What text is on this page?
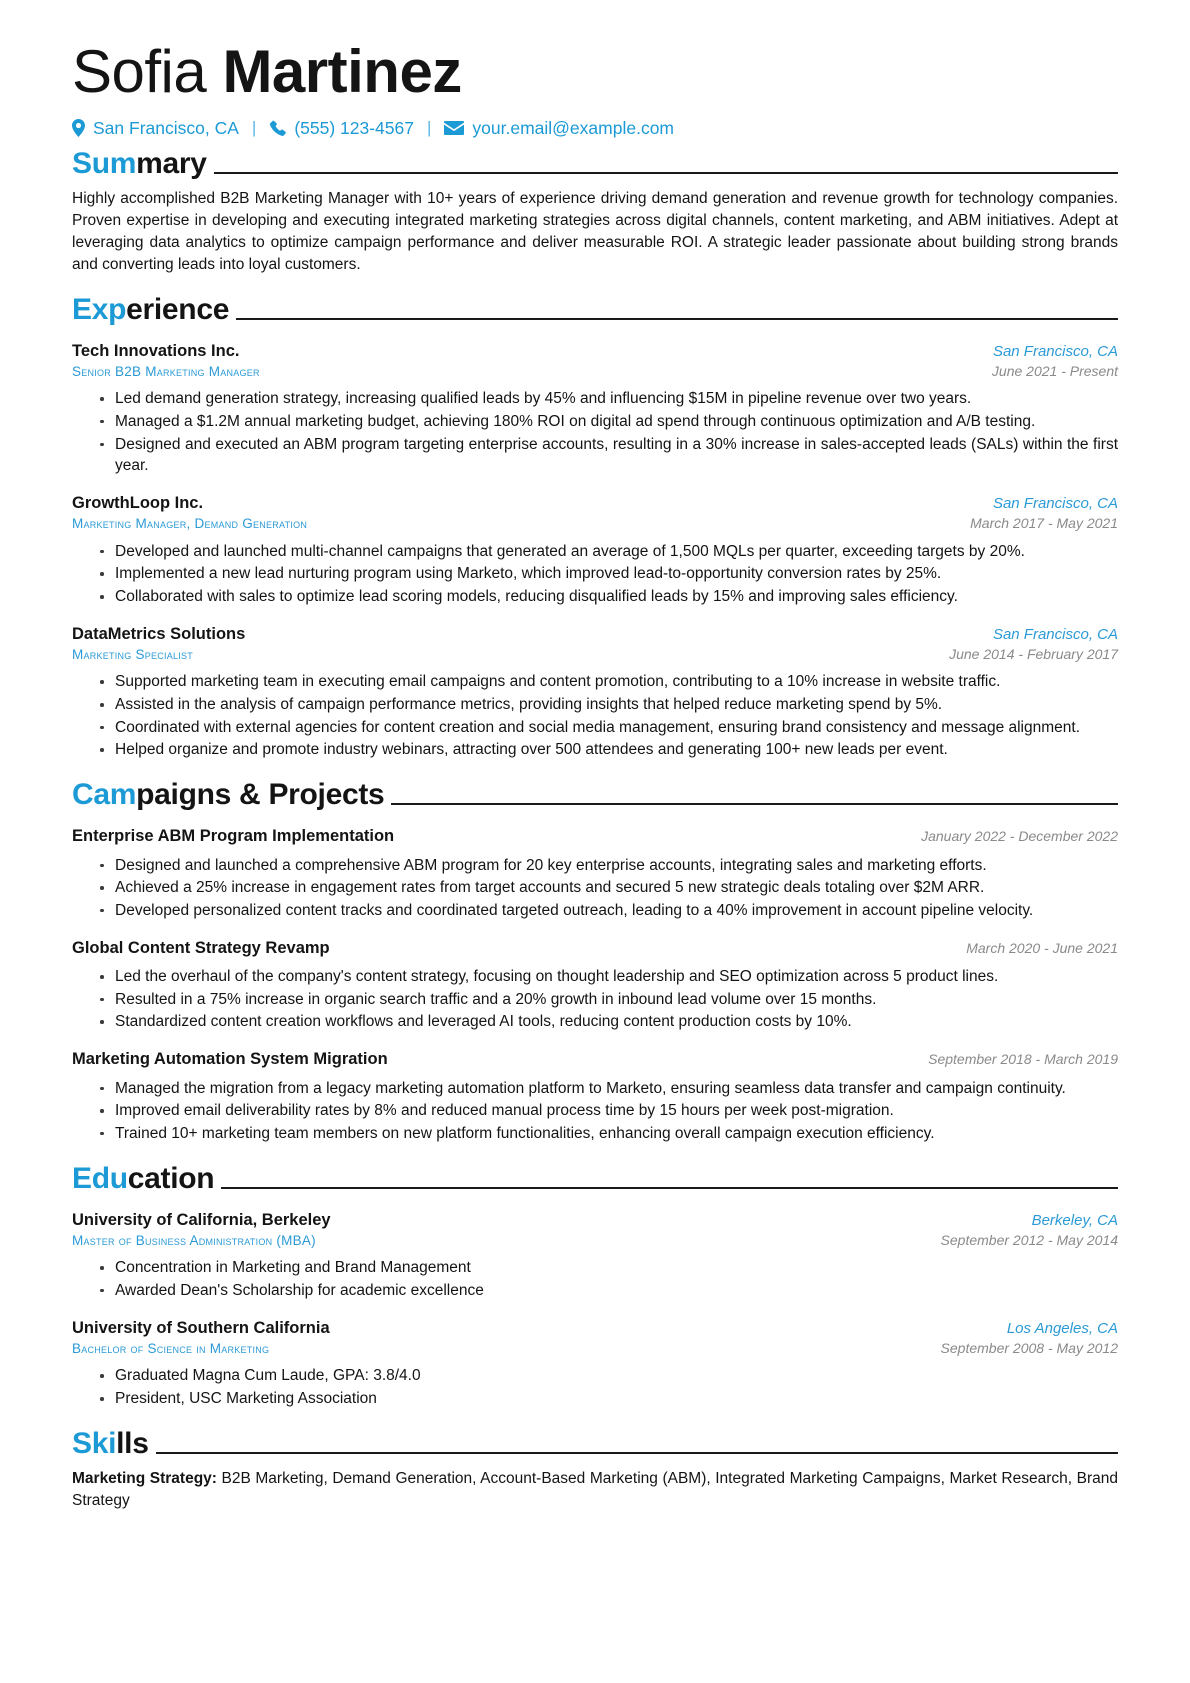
Sofia Martinez
San Francisco, CA |	(555) 123-4567 |	your.email@example.com
Summary

Highly accomplished B2B Marketing Manager with 10+ years of experience driving demand generation and revenue growth for technology companies. Proven expertise in developing and executing integrated marketing strategies across digital channels, content marketing, and ABM initiatives. Adept at leveraging data analytics to optimize campaign performance and deliver measurable ROI. A strategic leader passionate about building strong brands and converting leads into loyal customers.

Experience
Tech Innovations Inc.	San Francisco, CA
Senior B2B Marketing Manager	June 2021 - Present
Led demand generation strategy, increasing qualified leads by 45% and influencing $15M in pipeline revenue over two years.
Managed a $1.2M annual marketing budget, achieving 180% ROI on digital ad spend through continuous optimization and A/B testing.
Designed and executed an ABM program targeting enterprise accounts, resulting in a 30% increase in sales-accepted leads (SALs) within the first year.
GrowthLoop Inc.	San Francisco, CA
Marketing Manager, Demand Generation	March 2017 - May 2021
Developed and launched multi-channel campaigns that generated an average of 1,500 MQLs per quarter, exceeding targets by 20%.
Implemented a new lead nurturing program using Marketo, which improved lead-to-opportunity conversion rates by 25%.
Collaborated with sales to optimize lead scoring models, reducing disqualified leads by 15% and improving sales efficiency.
DataMetrics Solutions	San Francisco, CA
Marketing Specialist	June 2014 - February 2017
Supported marketing team in executing email campaigns and content promotion, contributing to a 10% increase in website traffic.
Assisted in the analysis of campaign performance metrics, providing insights that helped reduce marketing spend by 5%.
Coordinated with external agencies for content creation and social media management, ensuring brand consistency and message alignment.
Helped organize and promote industry webinars, attracting over 500 attendees and generating 100+ new leads per event.
Campaigns & Projects
Enterprise ABM Program Implementation	January 2022 - December 2022
Designed and launched a comprehensive ABM program for 20 key enterprise accounts, integrating sales and marketing efforts.
Achieved a 25% increase in engagement rates from target accounts and secured 5 new strategic deals totaling over $2M ARR.
Developed personalized content tracks and coordinated targeted outreach, leading to a 40% improvement in account pipeline velocity.
Global Content Strategy Revamp	March 2020 - June 2021
Led the overhaul of the company's content strategy, focusing on thought leadership and SEO optimization across 5 product lines.
Resulted in a 75% increase in organic search traffic and a 20% growth in inbound lead volume over 15 months.
Standardized content creation workflows and leveraged AI tools, reducing content production costs by 10%.
Marketing Automation System Migration	September 2018 - March 2019
Managed the migration from a legacy marketing automation platform to Marketo, ensuring seamless data transfer and campaign continuity.
Improved email deliverability rates by 8% and reduced manual process time by 15 hours per week post-migration.
Trained 10+ marketing team members on new platform functionalities, enhancing overall campaign execution efficiency.
Education
University of California, Berkeley	Berkeley, CA
Master of Business Administration (MBA)	September 2012 - May 2014
Concentration in Marketing and Brand Management
Awarded Dean's Scholarship for academic excellence
University of Southern California	Los Angeles, CA
Bachelor of Science in Marketing	September 2008 - May 2012
Graduated Magna Cum Laude, GPA: 3.8/4.0
President, USC Marketing Association
Skills

Marketing Strategy: B2B Marketing, Demand Generation, Account-Based Marketing (ABM), Integrated Marketing Campaigns, Market Research, Brand Strategy
